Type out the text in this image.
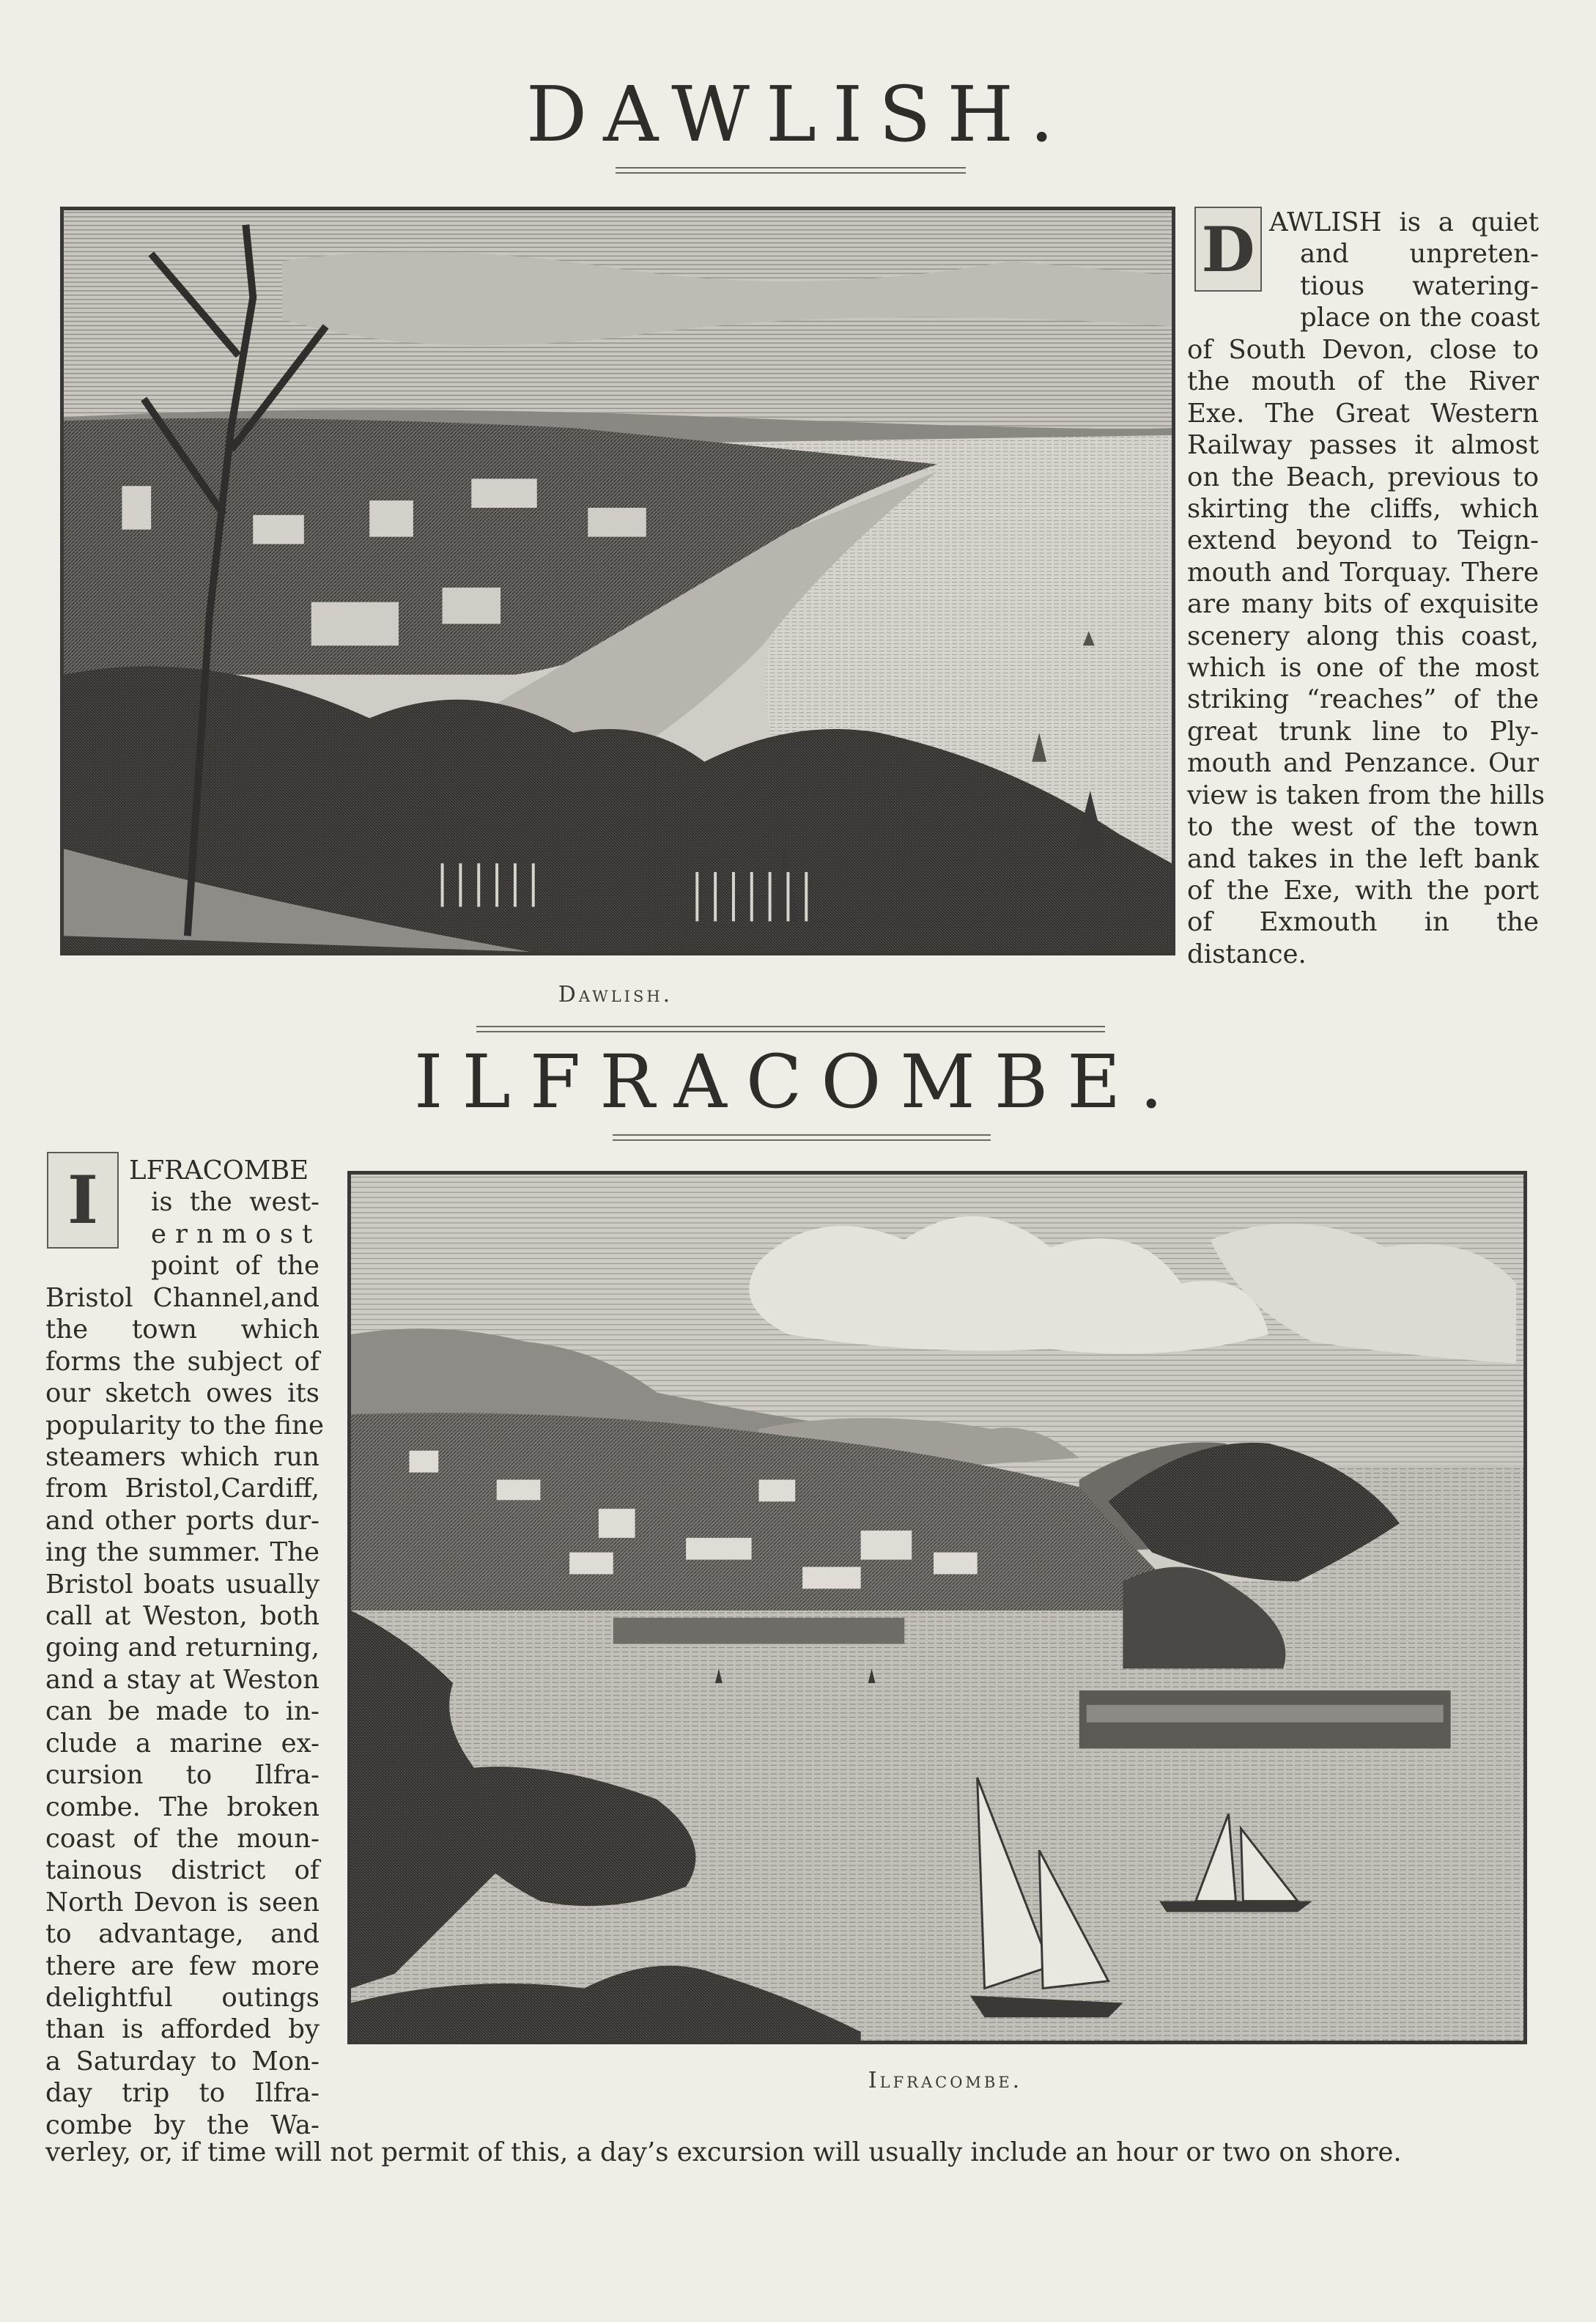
DAWLISH.
Dawlish.
D AWLISH is a quiet
and unpreten-
tious watering-
place on the coast
of South Devon, close to
the mouth of the River
Exe. The Great Western
Railway passes it almost
on the Beach, previous to
skirting the cliffs, which
extend beyond to Teign-
mouth and Torquay. There
are many bits of exquisite
scenery along this coast,
which is one of the most
striking “reaches” of the
great trunk line to Ply-
mouth and Penzance. Our
view is taken from the hills
to the west of the town
and takes in the left bank
of the Exe, with the port
of Exmouth in the
distance.
ILFRACOMBE.
I	LFRACOMBE
is the west-
ernmost
point of the
Bristol Channel,and
the town which
forms the subject of
our sketch owes its
popularity to the fine
steamers which run
from Bristol,Cardiff,
and other ports dur-
ing the summer. The
Bristol boats usually
call at Weston, both
going and returning,
and a stay at Weston
can be made to in-
clude a marine ex-
cursion to Ilfra-
combe. The broken
coast of the moun-
tainous district of
North Devon is seen
to advantage, and
there are few more
delightful outings
than is afforded by
a Saturday to Mon-
day trip to Ilfra-
combe by the Wa-
verley, or, if time will not permit of this, a day’s excursion will usually include an hour or two on shore.
Ilfracombe.
